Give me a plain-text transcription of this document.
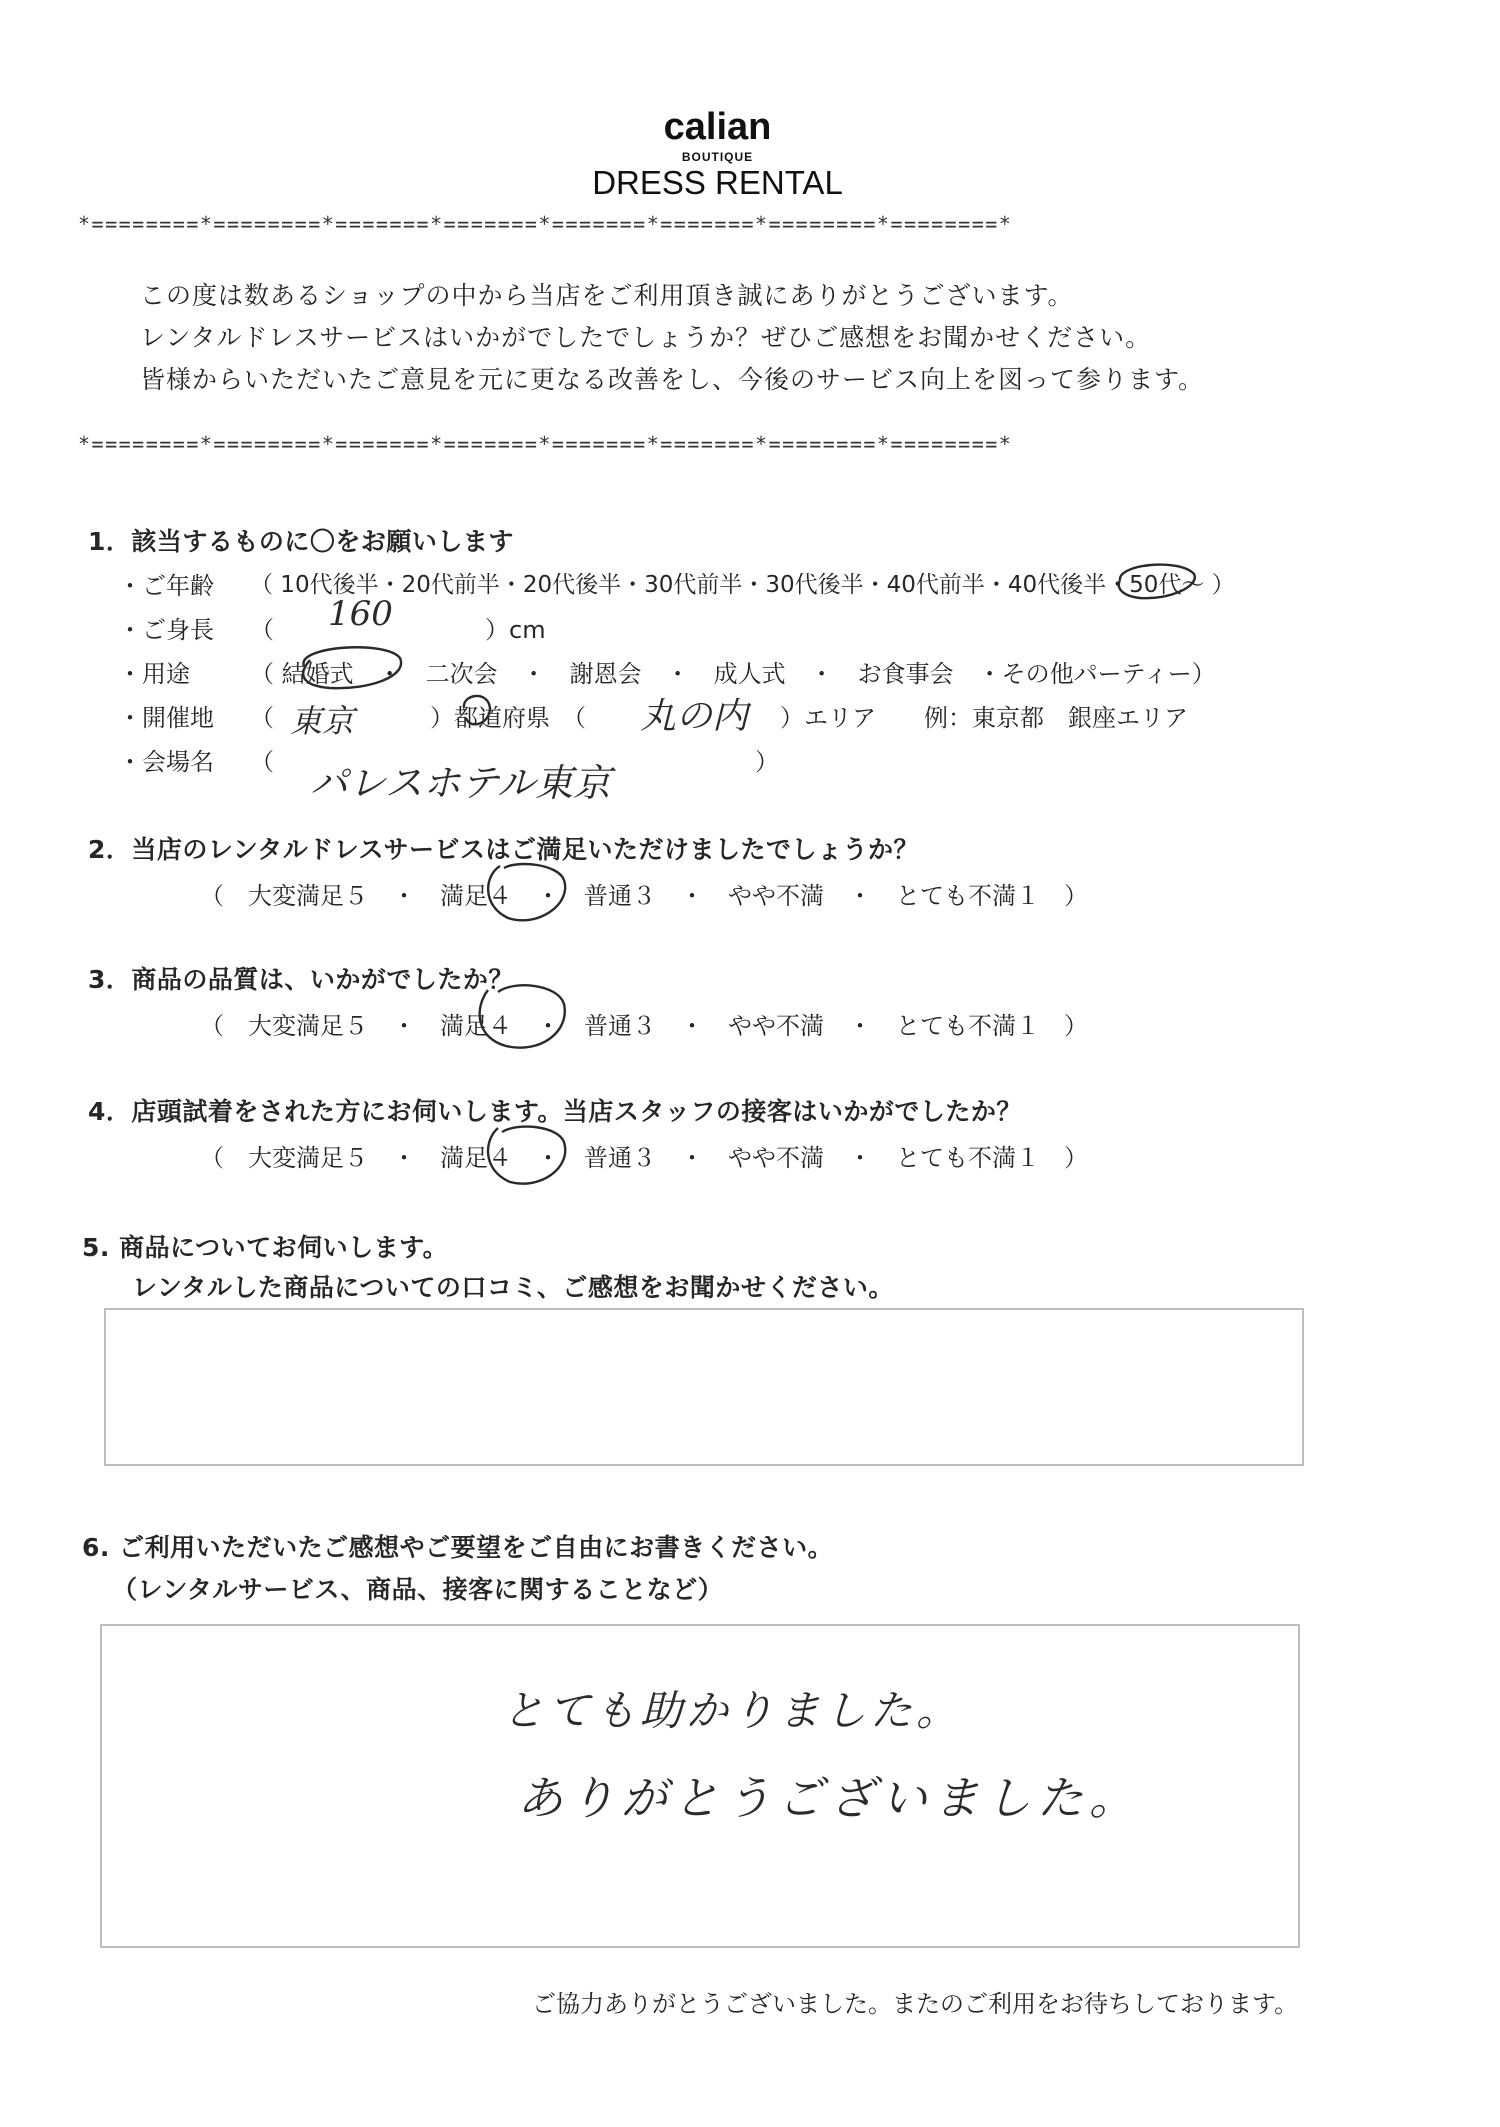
calian
BOUTIQUE
DRESS RENTAL
*========*========*=======*=======*=======*=======*========*========*
この度は数あるショップの中から当店をご利用頂き誠にありがとうございます。
レンタルドレスサービスはいかがでしたでしょうか？ぜひご感想をお聞かせください。
皆様からいただいたご意見を元に更なる改善をし、今後のサービス向上を図って参ります。
*========*========*=======*=======*=======*=======*========*========*
1．該当するものに〇をお願いします
・ご年齢 （ 10代後半・20代前半・20代後半・30代前半・30代後半・40代前半・40代後半・50代〜 ）
・ご身長 （ 160	）cm
・用途	（ 結婚式　・　二次会　・　謝恩会　・　成人式　・　お食事会　・その他パーティー）
・開催地 （ 東京	）都道府県　（ 丸の内 ）エリア　　例：東京都　銀座エリア
・会場名 （ パレスホテル東京	）
2．当店のレンタルドレスサービスはご満足いただけましたでしょうか？
（　大変満足５　・　満足４　・　普通３　・　やや不満　・　とても不満１　）
3．商品の品質は、いかがでしたか？
（　大変満足５　・　満足４　・　普通３　・　やや不満　・　とても不満１　）
4．店頭試着をされた方にお伺いします。当店スタッフの接客はいかがでしたか？
（　大変満足５　・　満足４　・　普通３　・　やや不満　・　とても不満１　）
5. 商品についてお伺いします。
レンタルした商品についての口コミ、ご感想をお聞かせください。
6. ご利用いただいたご感想やご要望をご自由にお書きください。
（レンタルサービス、商品、接客に関することなど）
とても助かりました。
ありがとうございました。
ご協力ありがとうございました。またのご利用をお待ちしております。
